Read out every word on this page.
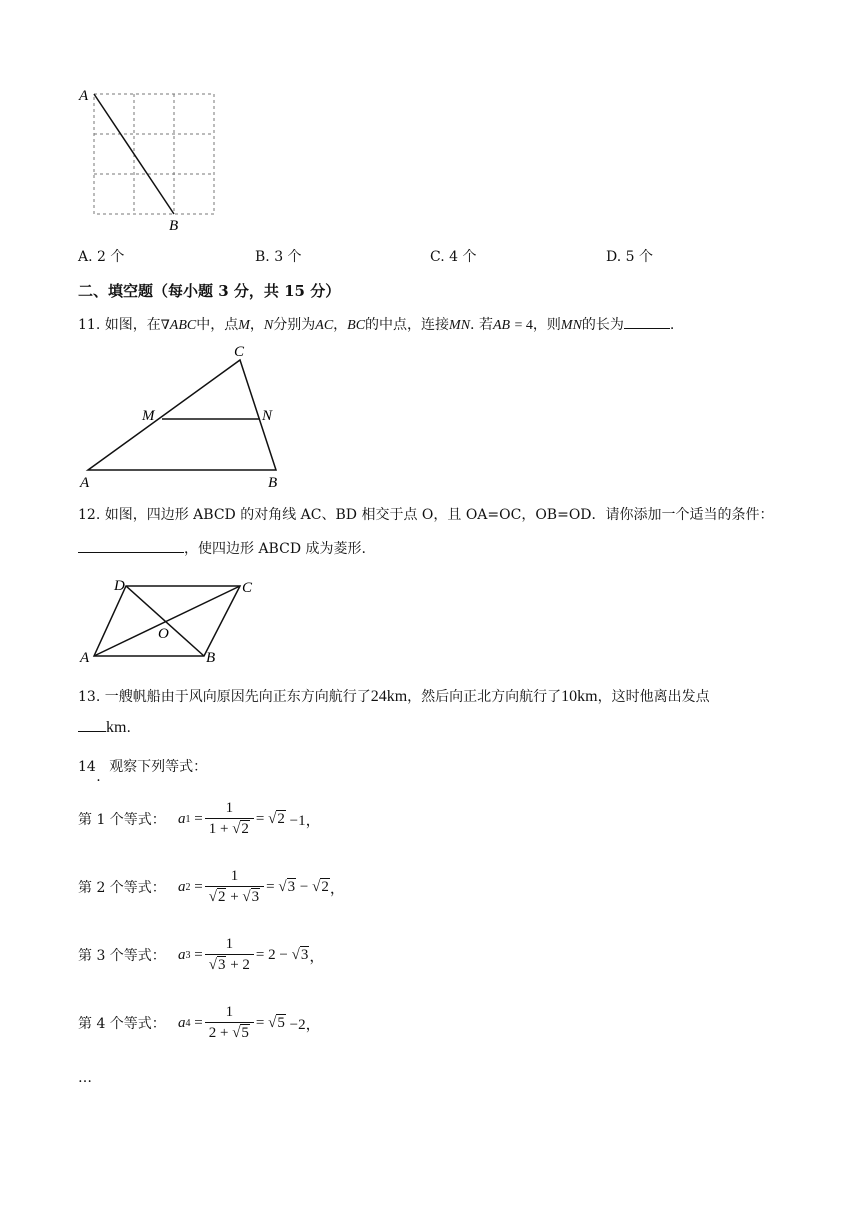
A
B
A. 2 个	B. 3 个	C. 4 个	D. 5 个
二、填空题（每小题 3 分，共 15 分）
11.
如图，在 ∇ ABC 中，点 M ， N 分别为 AC ， BC 的中点，连接 MN . 若 AB
= 4 ，则 MN 的长为	.
C
M	N
A	B
12. 如图，四边形 ABCD 的对角线 AC、BD 相交于点 O，且 OA=OC，OB=OD．请你添加一个适当的条件：
，使四边形 ABCD 成为菱形.
D	C
O
A	B
13. 一艘帆船由于风向原因先向正东方向航行了 24km ，然后向正北方向航行了 10km ，这时他离出发点
km .
14 . 观察下列等式：
第 1 个等式： a $1 = \frac{1}{1 + √2}$ = √ 2
−1，
第 2 个等式： a $2 = \frac{1}{√2 + √3}$ = √ 3
− √ 2 ，
第 3 个等式： a $3 = \frac{1}{√3 + 2} = 2$ − √ 3 ，
第 4 个等式： a $4 = \frac{1}{2 + √5}$ = √ 5
−2，
…
